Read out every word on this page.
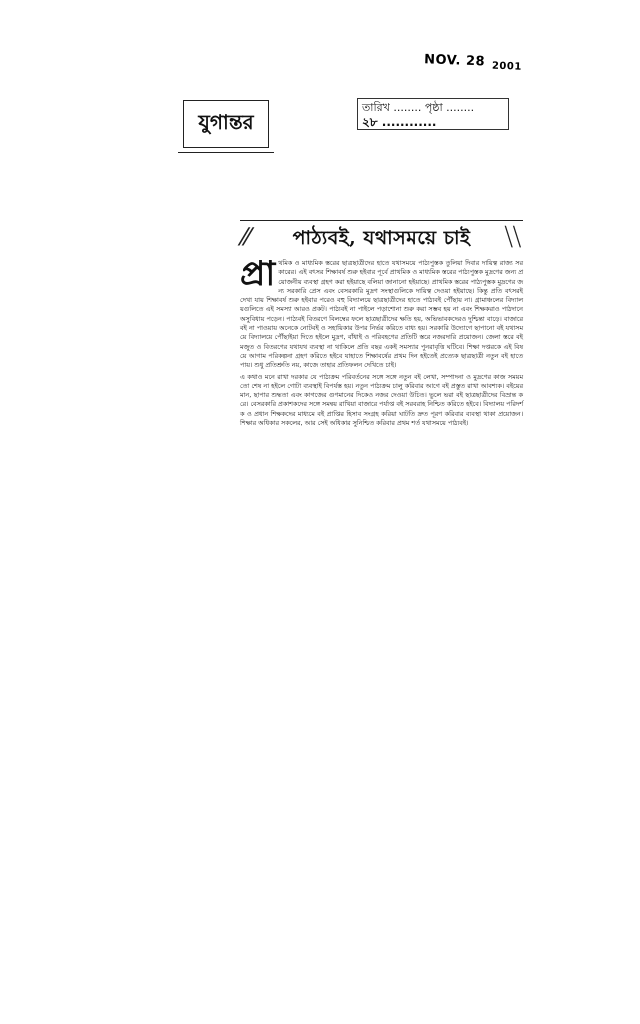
NOV. 28 $_{2001}$
যুগান্তর
তারিখ ........ পৃষ্ঠা ........
২৮ ............
⁄⁄ পাঠ্যবই, যথাসময়ে চাই ⧹⧹
প্রা থমিক ও মাধ্যমিক স্তরের ছাত্রছাত্রীদের হাতে যথাসময়ে পাঠ্যপুস্তক তুলিয়া দিবার দায়িত্ব রাজ্য সরকারের। এই বৎসর শিক্ষাবর্ষ শুরু হইবার পূর্বে প্রাথমিক ও মাধ্যমিক স্তরের পাঠ্যপুস্তক মুদ্রণের জন্য প্রয়োজনীয় ব্যবস্থা গ্রহণ করা হইয়াছে বলিয়া জানানো হইয়াছে। প্রাথমিক স্তরের পাঠ্যপুস্তক মুদ্রণের জন্য সরকারি প্রেস এবং বেসরকারি মুদ্রণ সংস্থাগুলিকে দায়িত্ব দেওয়া হইয়াছে। কিন্তু প্রতি বৎসরই দেখা যায় শিক্ষাবর্ষ শুরু হইবার পরেও বহু বিদ্যালয়ে ছাত্রছাত্রীদের হাতে পাঠ্যবই পৌঁছায় না। গ্রামাঞ্চলের বিদ্যালয়গুলিতে এই সমস্যা আরও প্রকট। পাঠ্যবই না পাইলে পড়াশোনা শুরু করা সম্ভব হয় না এবং শিক্ষকরাও পাঠদানে অসুবিধায় পড়েন। পাঠ্যবই বিতরণে বিলম্বের ফলে ছাত্রছাত্রীদের ক্ষতি হয়, অভিভাবকদেরও দুশ্চিন্তা বাড়ে। বাজারে বই না পাওয়ায় অনেকে নোটবই ও সহায়িকার উপর নির্ভর করিতে বাধ্য হয়। সরকারি উদ্যোগে ছাপানো বই যথাসময়ে বিদ্যালয়ে পৌঁছাইয়া দিতে হইলে মুদ্রণ, বাঁধাই ও পরিবহণের প্রতিটি স্তরে নজরদারি প্রয়োজন। জেলা স্তরে বই মজুত ও বিতরণের যথাযথ ব্যবস্থা না থাকিলে প্রতি বছর একই সমস্যার পুনরাবৃত্তি ঘটিবে। শিক্ষা দপ্তরকে এই বিষয়ে আগাম পরিকল্পনা গ্রহণ করিতে হইবে যাহাতে শিক্ষাবর্ষের প্রথম দিন হইতেই প্রত্যেক ছাত্রছাত্রী নতুন বই হাতে পায়। শুধু প্রতিশ্রুতি নয়, কাজে তাহার প্রতিফলন দেখিতে চাই।

এ কথাও মনে রাখা দরকার যে পাঠ্যক্রম পরিবর্তনের সঙ্গে সঙ্গে নতুন বই লেখা, সম্পাদনা ও মুদ্রণের কাজ সময়মতো শেষ না হইলে গোটা ব্যবস্থাই বিপর্যস্ত হয়। নতুন পাঠ্যক্রম চালু করিবার আগে বই প্রস্তুত রাখা আবশ্যক। বইয়ের মান, ছাপার শুদ্ধতা এবং কাগজের গুণমানের দিকেও নজর দেওয়া উচিত। ভুলে ভরা বই ছাত্রছাত্রীদের বিভ্রান্ত করে। বেসরকারি প্রকাশকদের সঙ্গে সমন্বয় রাখিয়া বাজারে পর্যাপ্ত বই সরবরাহ নিশ্চিত করিতে হইবে। বিদ্যালয় পরিদর্শক ও প্রধান শিক্ষকদের মাধ্যমে বই প্রাপ্তির হিসাব সংগ্রহ করিয়া ঘাটতি দ্রুত পূরণ করিবার ব্যবস্থা থাকা প্রয়োজন। শিক্ষার অধিকার সকলের, আর সেই অধিকার সুনিশ্চিত করিবার প্রথম শর্ত যথাসময়ে পাঠ্যবই।
